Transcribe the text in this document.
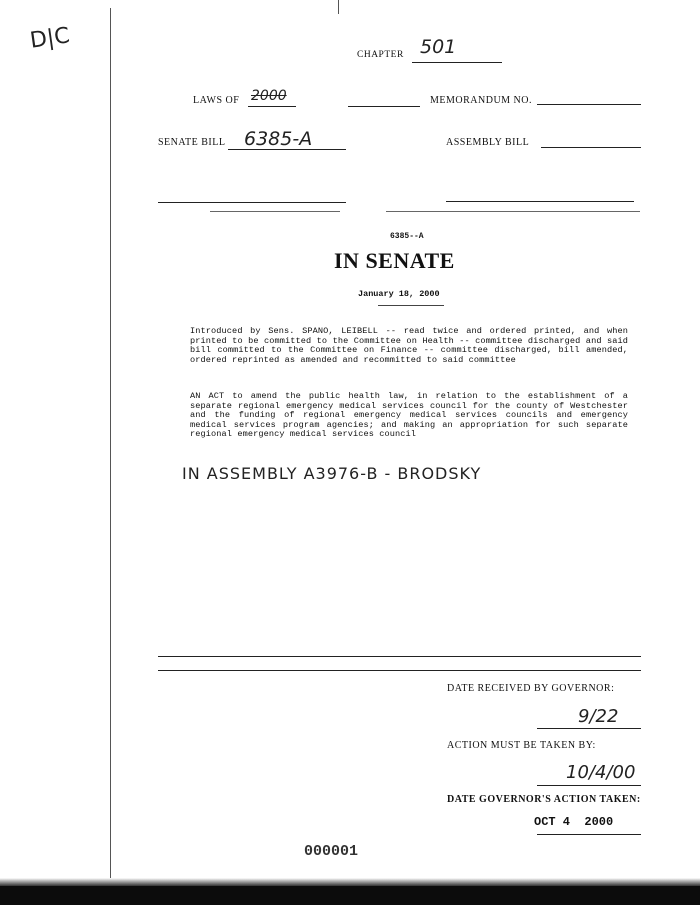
D|C
CHAPTER 501
LAWS OF 2000	MEMORANDUM NO.
SENATE BILL 6385-A	ASSEMBLY BILL
6385--A
IN SENATE
January 18, 2000
Introduced by Sens. SPANO, LEIBELL -- read twice and ordered printed, and when printed to be committed to the Committee on Health -- committee discharged and said bill committed to the Committee on Finance -- committee discharged, bill amended, ordered reprinted as amended and recommitted to said committee
AN ACT to amend the public health law, in relation to the establishment of a separate regional emergency medical services council for the county of Westchester and the funding of regional emergency medical services councils and emergency medical services program agencies; and making an appropriation for such separate regional emergency medical services council
IN ASSEMBLY A3976-B - BRODSKY
DATE RECEIVED BY GOVERNOR:
9/22
ACTION MUST BE TAKEN BY:
10/4/00
DATE GOVERNOR'S ACTION TAKEN:
OCT 4  2000
000001
